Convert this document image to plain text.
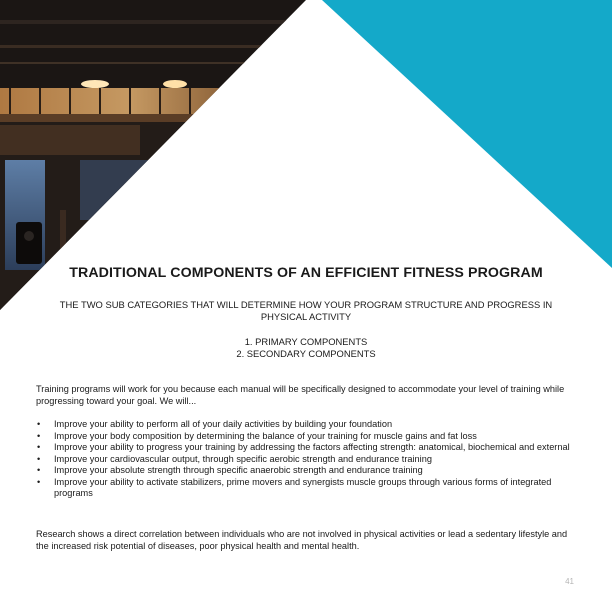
TRADITIONAL COMPONENTS OF AN EFFICIENT FITNESS PROGRAM
THE TWO SUB CATEGORIES THAT WILL DETERMINE HOW YOUR PROGRAM STRUCTURE AND PROGRESS IN PHYSICAL ACTIVITY
1. PRIMARY COMPONENTS
2. SECONDARY COMPONENTS
Training programs will work for you because each manual will be specifically designed to accommodate your level of training while progressing toward your goal. We will...
• Improve your ability to perform all of your daily activities by building your foundation
• Improve your body composition by determining the balance of your training for muscle gains and fat loss
• Improve your ability to progress your training by addressing the factors affecting strength: anatomical, biochemical and external
• Improve your cardiovascular output, through specific aerobic strength and endurance training
• Improve your absolute strength through specific anaerobic strength and endurance training
• Improve your ability to activate stabilizers, prime movers and synergists muscle groups through various forms of integrated programs
Research shows a direct correlation between individuals who are not involved in physical activities or lead a sedentary lifestyle and the increased risk potential of diseases, poor physical health and mental health.
41
